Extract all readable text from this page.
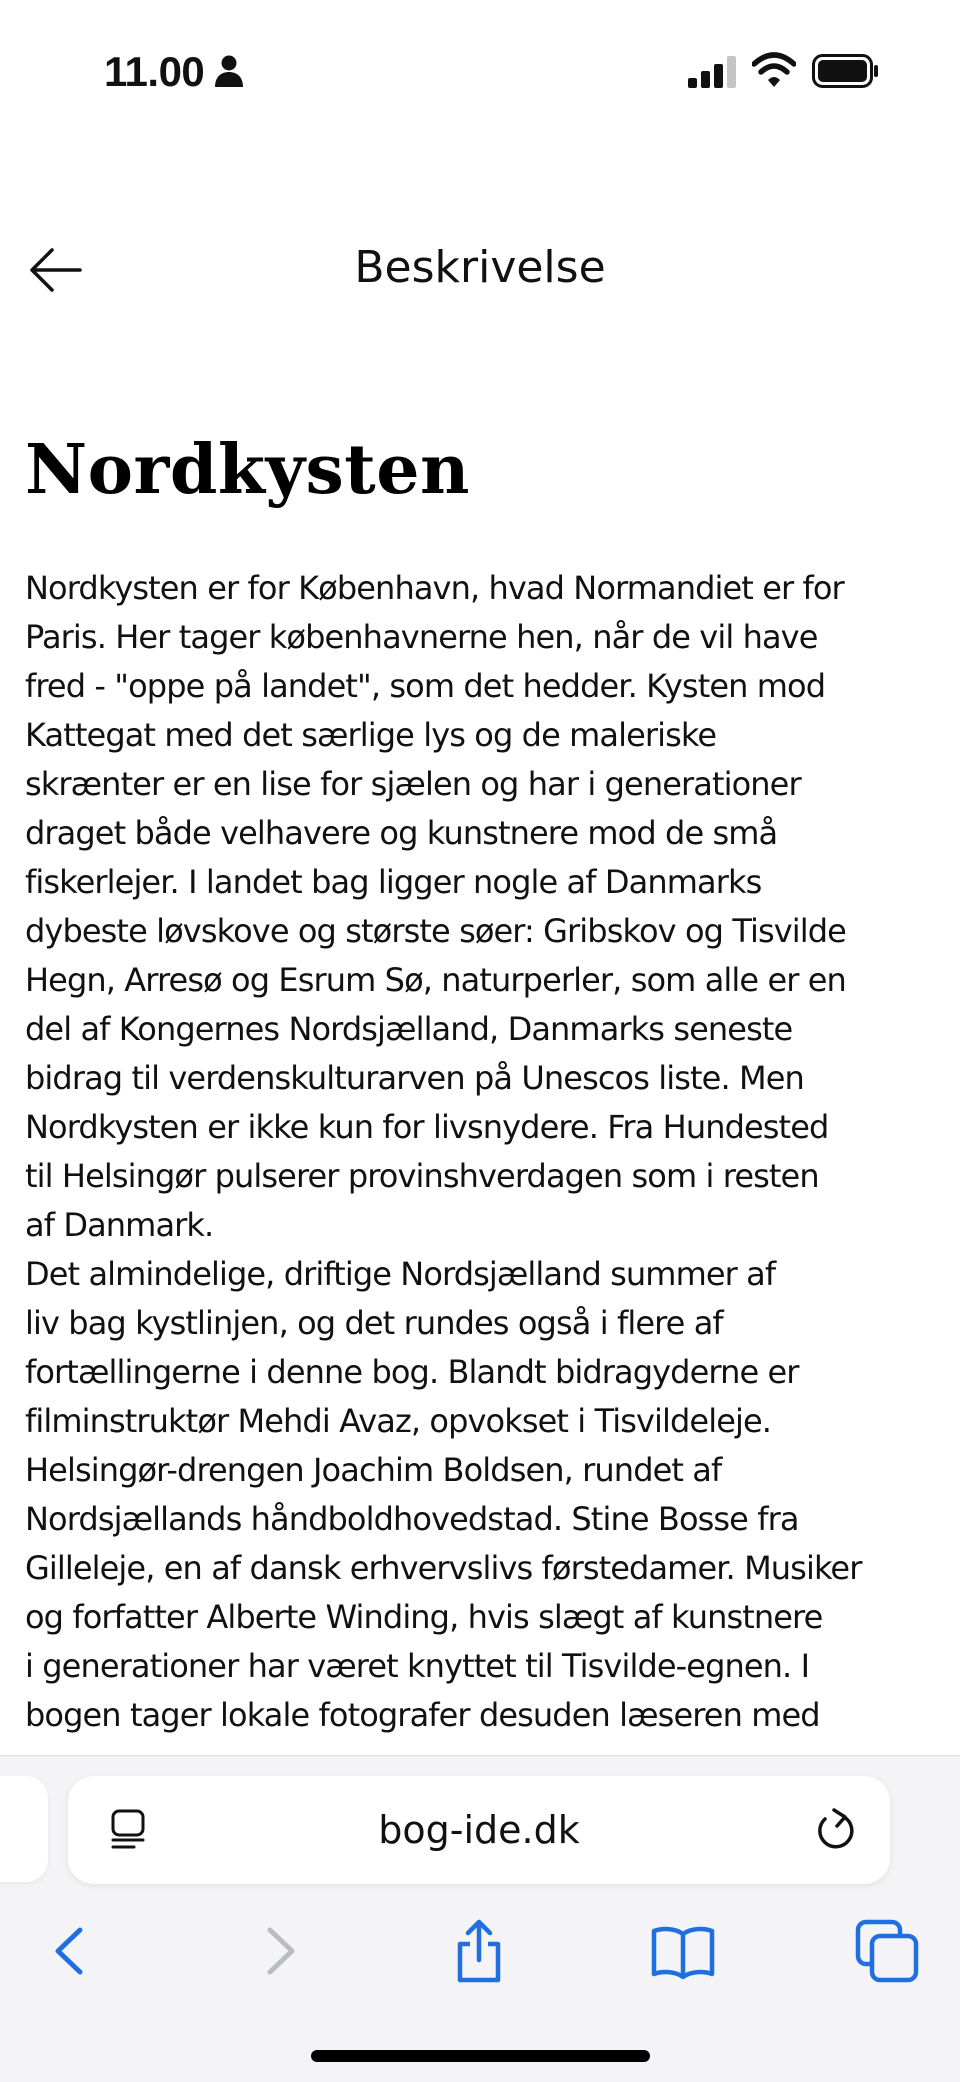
11.00
Beskrivelse
Nordkysten

Nordkysten er for København, hvad Normandiet er for
Paris. Her tager københavnerne hen, når de vil have
fred - "oppe på landet", som det hedder. Kysten mod
Kattegat med det særlige lys og de maleriske
skrænter er en lise for sjælen og har i generationer
draget både velhavere og kunstnere mod de små
fiskerlejer. I landet bag ligger nogle af Danmarks
dybeste løvskove og største søer: Gribskov og Tisvilde
Hegn, Arresø og Esrum Sø, naturperler, som alle er en
del af Kongernes Nordsjælland, Danmarks seneste
bidrag til verdenskulturarven på Unescos liste. Men
Nordkysten er ikke kun for livsnydere. Fra Hundested
til Helsingør pulserer provinshverdagen som i resten
af Danmark.
Det almindelige, driftige Nordsjælland summer af
liv bag kystlinjen, og det rundes også i flere af
fortællingerne i denne bog. Blandt bidragyderne er
filminstruktør Mehdi Avaz, opvokset i Tisvildeleje.
Helsingør-drengen Joachim Boldsen, rundet af
Nordsjællands håndboldhovedstad. Stine Bosse fra
Gilleleje, en af dansk erhvervslivs førstedamer. Musiker
og forfatter Alberte Winding, hvis slægt af kunstnere
i generationer har været knyttet til Tisvilde-egnen. I
bogen tager lokale fotografer desuden læseren med

bog-ide.dk
